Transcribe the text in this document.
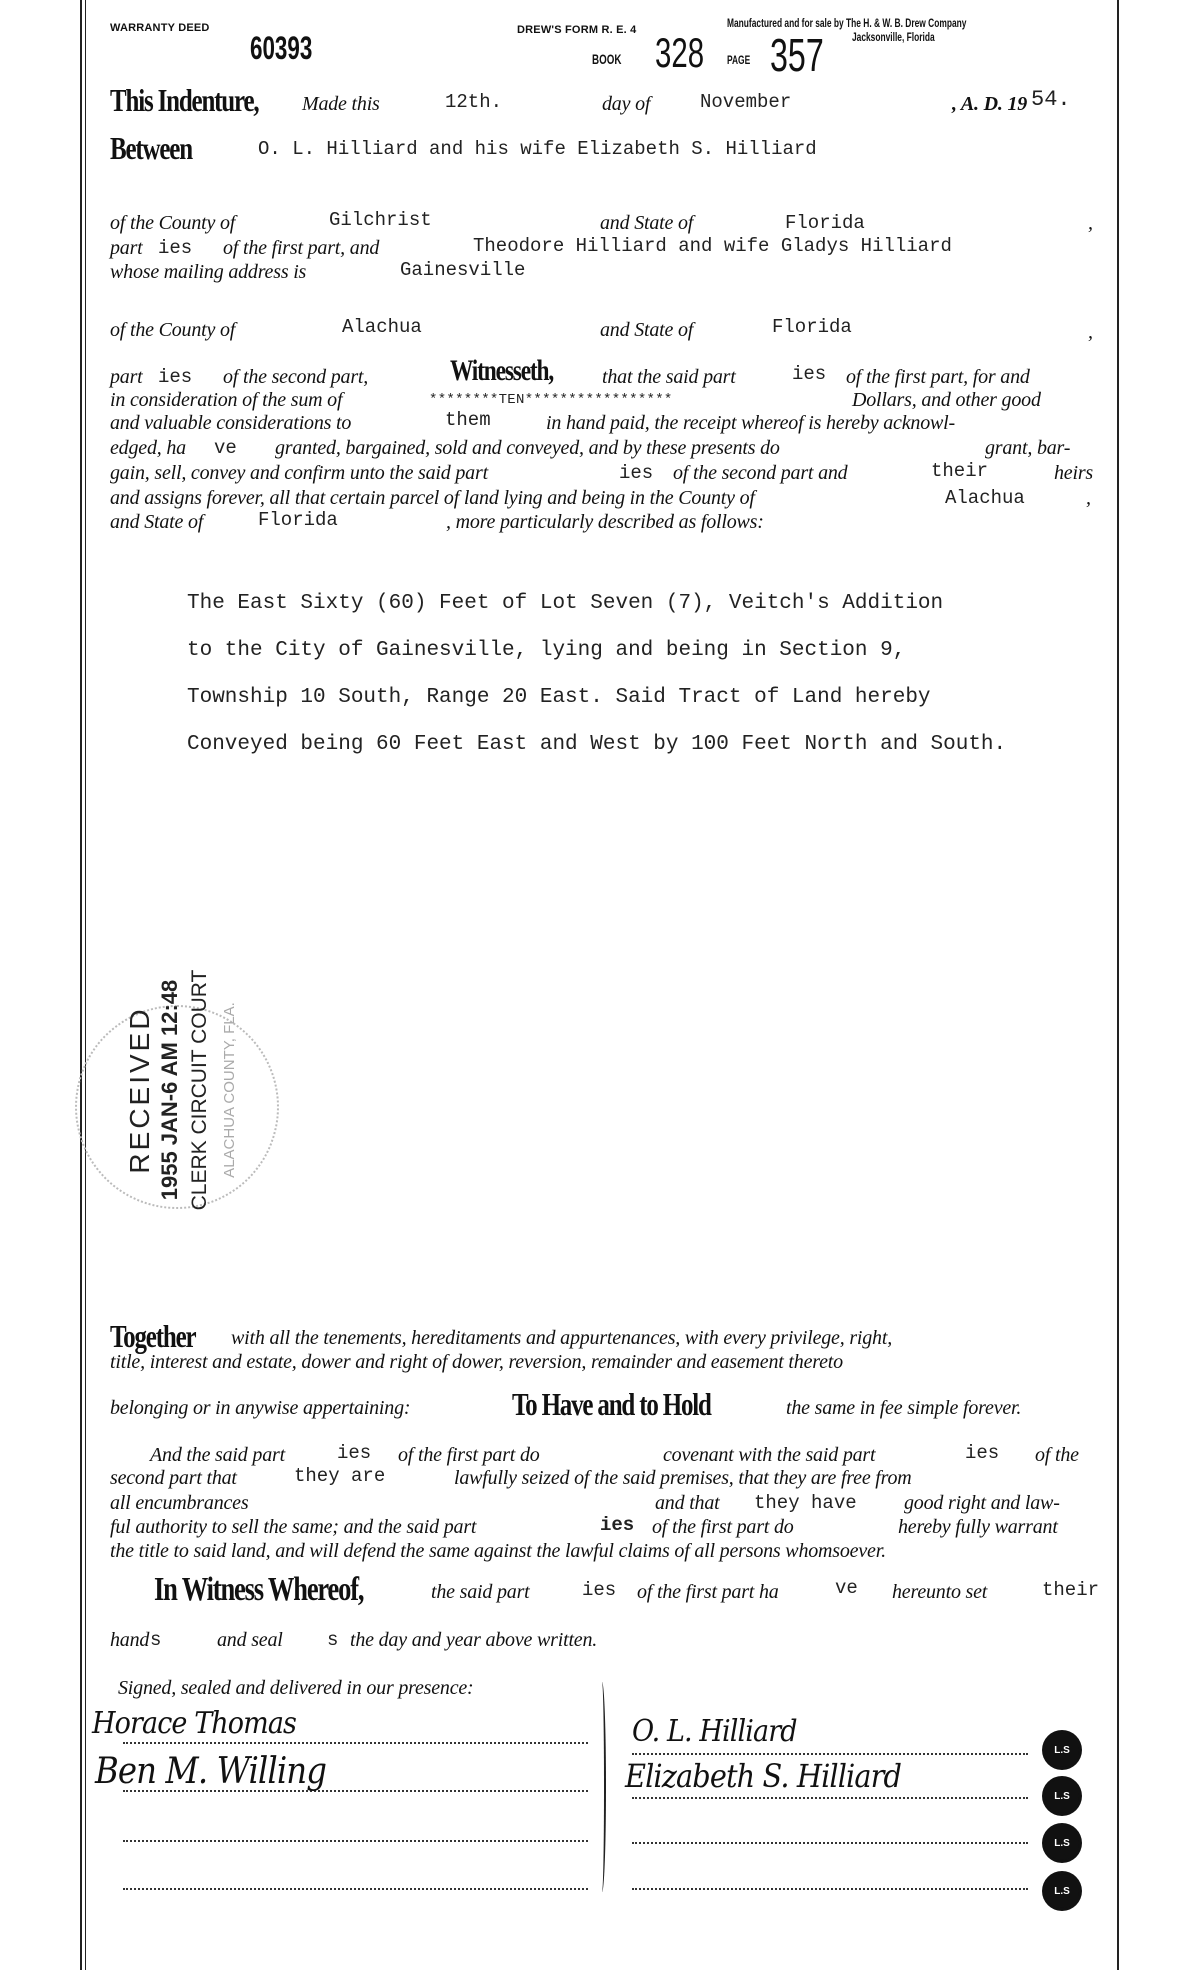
WARRANTY DEED
60393	DREW'S FORM R. E. 4	Manufactured and for sale by The H. & W. B. Drew Company
Jacksonville, Florida
BOOK 328 PAGE 357
This Indenture, Made this	12th.	day of	November	, A. D. 19 54.
Between	O. L. Hilliard and his wife Elizabeth S. Hilliard
of the County of	Gilchrist	and State of	Florida	,
part ies of the first part, and	Theodore Hilliard and wife Gladys Hilliard
whose mailing address is	Gainesville
of the County of	Alachua	and State of	Florida	,
part ies of the second part,	Witnesseth, that the said part	ies of the first part, for and
in consideration of the sum of	********TEN*****************	Dollars, and other good
and valuable considerations to	them	in hand paid, the receipt whereof is hereby acknowl-
edged, ha ve granted, bargained, sold and conveyed, and by these presents do	grant, bar-
gain, sell, convey and confirm unto the said part	ies of the second part and	their	heirs
and assigns forever, all that certain parcel of land lying and being in the County of	Alachua	,
and State of	Florida	, more particularly described as follows:
The East Sixty (60) Feet of Lot Seven (7), Veitch's Addition
to the City of Gainesville, lying and being in Section 9,
Township 10 South, Range 20 East. Said Tract of Land hereby
Conveyed being 60 Feet East and West by 100 Feet North and South.
RECEIVED 1955 JAN-6 AM 12:48 CLERK CIRCUIT COURT ALACHUA COUNTY, FLA.
Together with all the tenements, hereditaments and appurtenances, with every privilege, right,
title, interest and estate, dower and right of dower, reversion, remainder and easement thereto
belonging or in anywise appertaining:	To Have and to Hold	the same in fee simple forever.
And the said part	ies of the first part do	covenant with the said part	ies of the
second part that	they are	lawfully seized of the said premises, that they are free from
all encumbrances	and that they have good right and law-
ful authority to sell the same; and the said part	ies of the first part do	hereby fully warrant
the title to said land, and will defend the same against the lawful claims of all persons whomsoever.
In Witness Whereof,	the said part	ies of the first part ha	ve hereunto set	their
hand s	and seal s the day and year above written.
Signed, sealed and delivered in our presence:
Horace Thomas
Ben M. Willing
O. L. Hilliard
Elizabeth S. Hilliard
L.S
L.S
L.S
L.S
